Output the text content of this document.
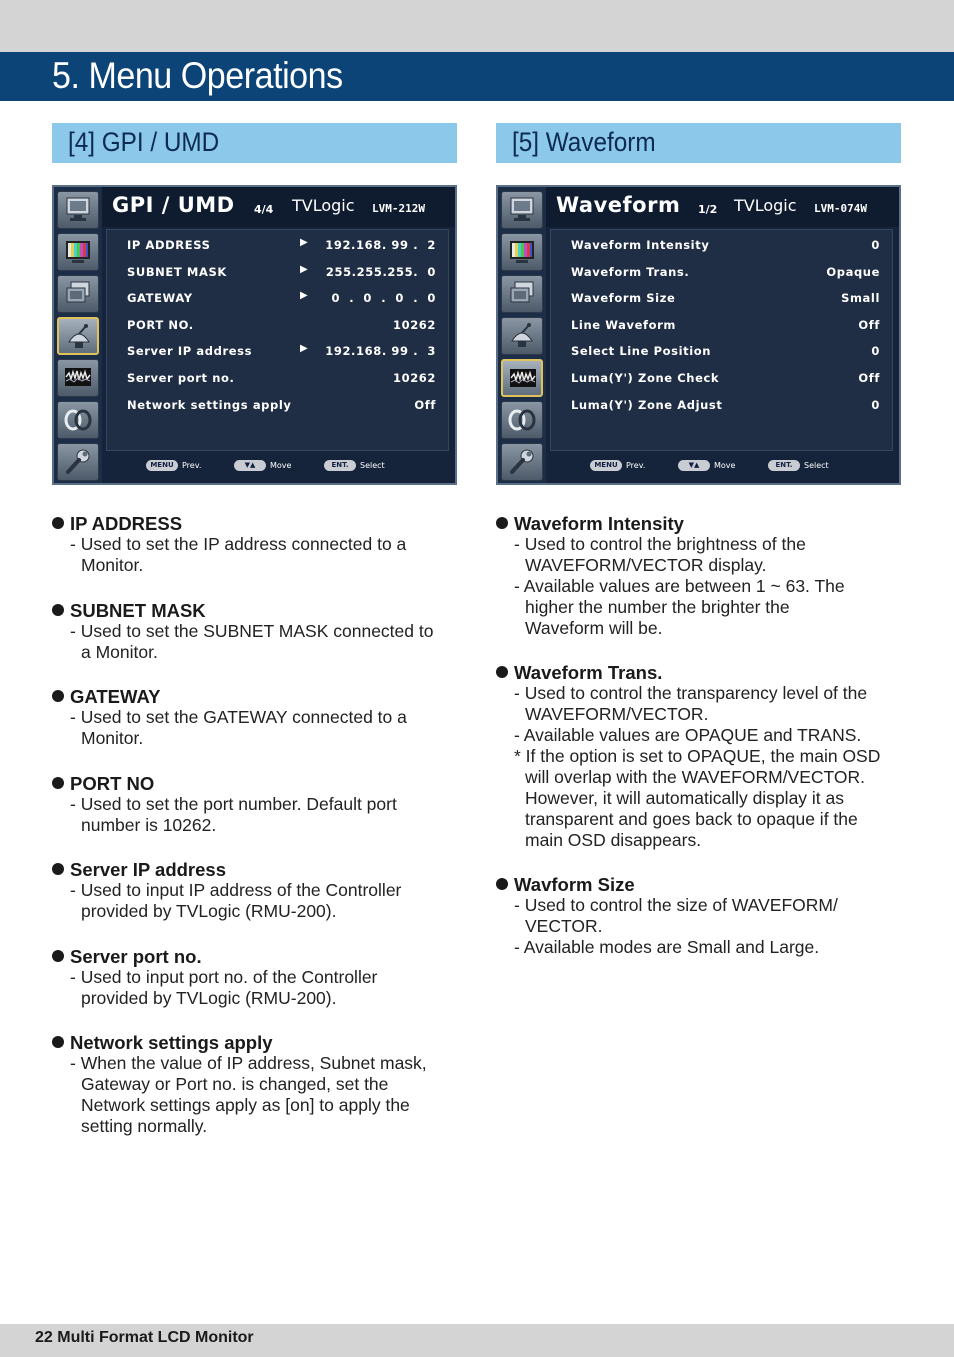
5. Menu Operations
[4] GPI / UMD	[5] Waveform
GPI / UMD 4/4 TVLogic LVM-212W
IP ADDRESS	▶ 192.168. 99 .  2
SUBNET MASK	▶ 255.255.255.  0
GATEWAY	▶ 0  .  0  .  0  .  0
PORT NO.	10262
Server IP address	▶ 192.168. 99 .  3
Server port no.	10262
Network settings apply	Off
MENU	Prev.	▼▲	Move	ENT.	Select
Waveform 1/2 TVLogic LVM-074W
Waveform Intensity	0
Waveform Trans.	Opaque
Waveform Size	Small
Line Waveform	Off
Select Line Position	0
Luma(Y') Zone Check	Off
Luma(Y') Zone Adjust	0
MENU	Prev.	▼▲	Move	ENT.	Select
IP ADDRESS
- Used to set the IP address connected to a
Monitor.
SUBNET MASK
- Used to set the SUBNET MASK connected to
a Monitor.
GATEWAY
- Used to set the GATEWAY connected to a
Monitor.
PORT NO
- Used to set the port number. Default port
number is 10262.
Server IP address
- Used to input IP address of the Controller
provided by TVLogic (RMU-200).
Server port no.
- Used to input port no. of the Controller
provided by TVLogic (RMU-200).
Network settings apply
- When the value of IP address, Subnet mask,
Gateway or Port no. is changed, set the
Network settings apply as [on] to apply the
setting normally.
Waveform Intensity
- Used to control the brightness of the
WAVEFORM/VECTOR display.
- Available values are between 1 ~ 63. The
higher the number the brighter the
Waveform will be.
Waveform Trans.
- Used to control the transparency level of the
WAVEFORM/VECTOR.
- Available values are OPAQUE and TRANS.
* If the option is set to OPAQUE, the main OSD
will overlap with the WAVEFORM/VECTOR.
However, it will automatically display it as
transparent and goes back to opaque if the
main OSD disappears.
Wavform Size
- Used to control the size of WAVEFORM/
VECTOR.
- Available modes are Small and Large.
22 Multi Format LCD Monitor
